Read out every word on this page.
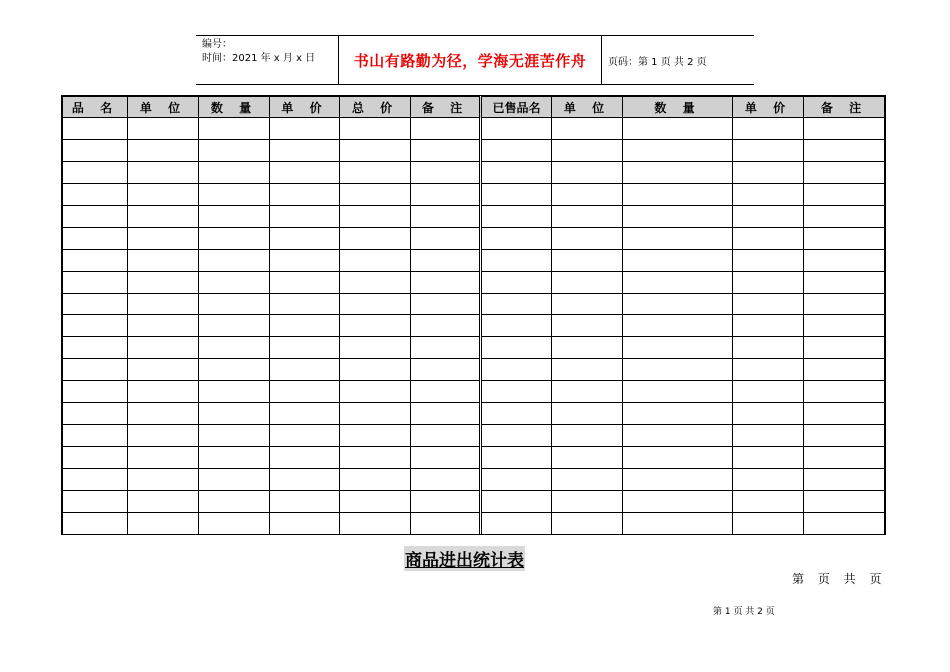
编号：
时间：2021 年 x 月 x 日	书山有路勤为径，学海无涯苦作舟	页码：第 1 页 共 2 页
品 名	单 位	数 量	单 价	总 价	备 注	已售品名	单 位	数 量	单 价	备 注

商品进出统计表
第 页 共 页
第 1 页 共 2 页
